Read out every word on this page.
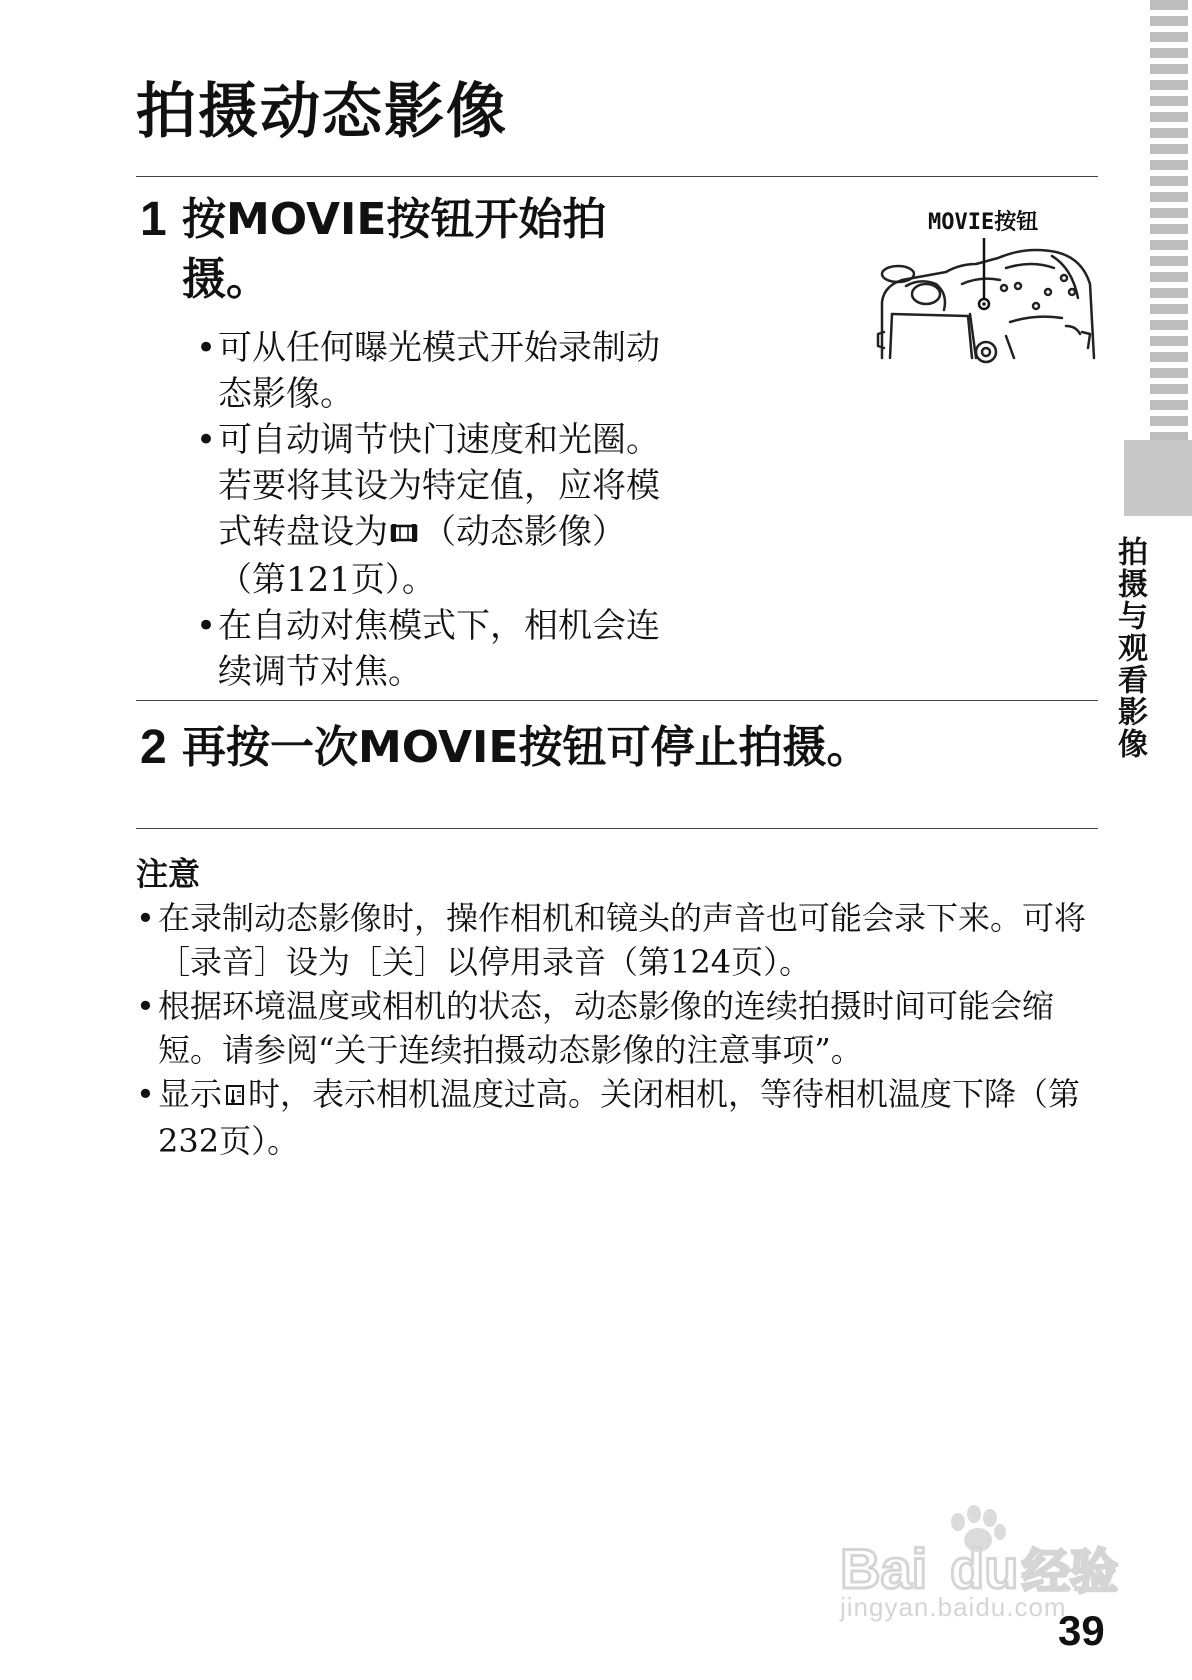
拍摄动态影像
1 按MOVIE按钮开始拍
摄。
• 可从任何曝光模式开始录制动态影像。
• 可自动调节快门速度和光圈。若要将其设为特定值，应将模式转盘设为 （动态影像）（第121页）。
• 在自动对焦模式下，相机会连续调节对焦。
MOVIE按钮
2 再按一次MOVIE按钮可停止拍摄。
注意
• 在录制动态影像时，操作相机和镜头的声音也可能会录下来。可将［录音］设为［关］以停用录音（第124页）。
• 根据环境温度或相机的状态，动态影像的连续拍摄时间可能会缩短。请参阅“关于连续拍摄动态影像的注意事项”。
• 显示 时，表示相机温度过高。关闭相机，等待相机温度下降（第232页）。
拍摄与观看影像
Bai du 经验
jingyan.baidu.com
39
